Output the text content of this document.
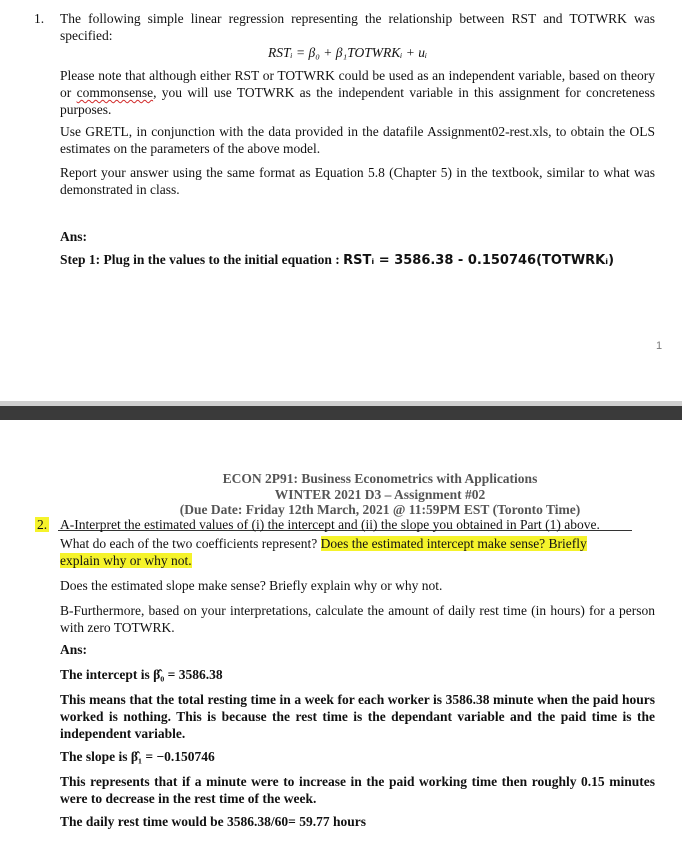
1. The following simple linear regression representing the relationship between RST and TOTWRK was specified:

RSTᵢ = β₀ + β₁TOTWRKᵢ + uᵢ

Please note that although either RST or TOTWRK could be used as an independent variable, based on theory or commonsense, you will use TOTWRK as the independent variable in this assignment for concreteness purposes.

Use GRETL, in conjunction with the data provided in the datafile Assignment02-rest.xls, to obtain the OLS estimates on the parameters of the above model.

Report your answer using the same format as Equation 5.8 (Chapter 5) in the textbook, similar to what was demonstrated in class.

Ans:
Step 1: Plug in the values to the initial equation : RSTᵢ = 3586.38 - 0.150746(TOTWRKᵢ)
1
ECON 2P91: Business Econometrics with Applications
WINTER 2021 D3 – Assignment #02
(Due Date: Friday 12th March, 2021 @ 11:59PM EST (Toronto Time)
2. A-Interpret the estimated values of (i) the intercept and (ii) the slope you obtained in Part (1) above.
What do each of the two coefficients represent? Does the estimated intercept make sense? Briefly
explain why or why not.

Does the estimated slope make sense? Briefly explain why or why not.

B-Furthermore, based on your interpretations, calculate the amount of daily rest time (in hours) for a person with zero TOTWRK.

Ans:
The intercept is β̂₀ = 3586.38

This means that the total resting time in a week for each worker is 3586.38 minute when the paid hours worked is nothing. This is because the rest time is the dependant variable and the paid time is the independent variable.

The slope is β̂₁ = −0.150746

This represents that if a minute were to increase in the paid working time then roughly 0.15 minutes were to decrease in the rest time of the week.

The daily rest time would be 3586.38/60= 59.77 hours
